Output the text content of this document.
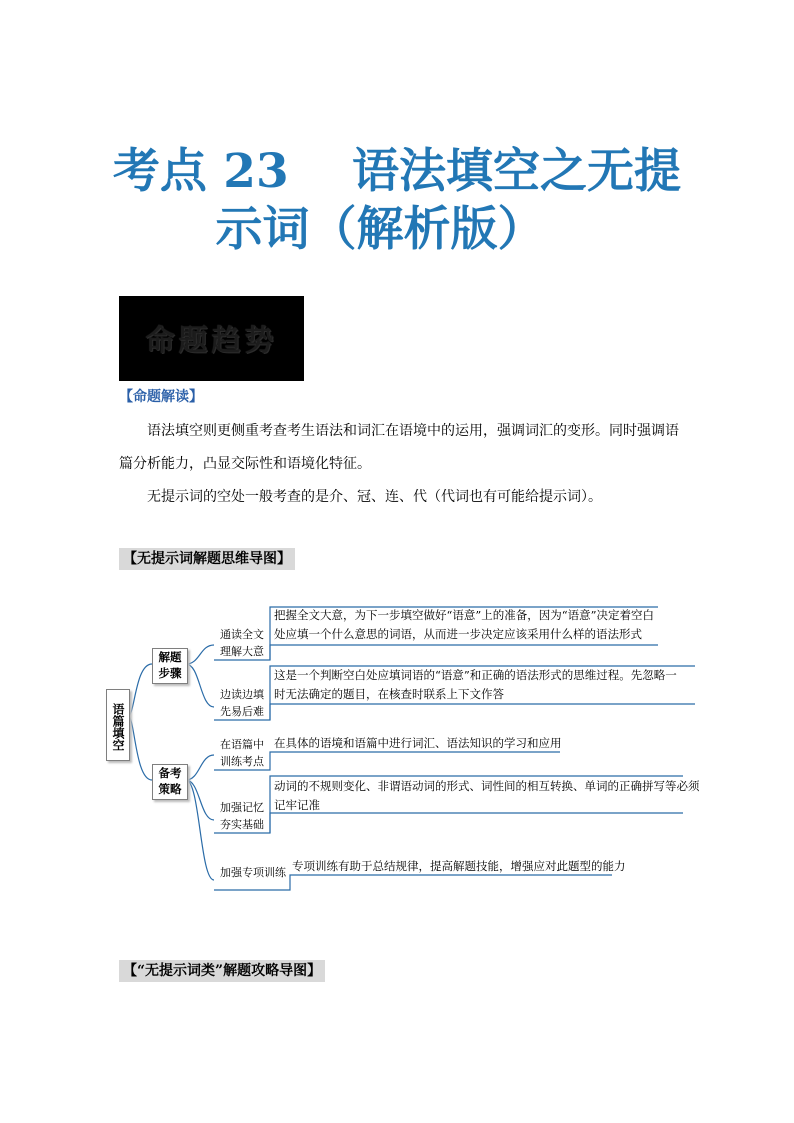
考点 23　 语法填空之无提
示词（解析版）
命题趋势
【命题解读】
语法填空则更侧重考查考生语法和词汇在语境中的运用，强调词汇的变形。同时强调语
篇分析能力，凸显交际性和语境化特征。
无提示词的空处一般考查的是介、冠、连、代（代词也有可能给提示词）。
【无提示词解题思维导图】
语篇填空
解题步骤
备考策略
通读全文理解大意
边读边填先易后难
在语篇中训练考点
加强记忆夯实基础
加强专项训练
把握全文大意，为下一步填空做好“语意”上的准备，因为“语意”决定着空白
处应填一个什么意思的词语，从而进一步决定应该采用什么样的语法形式
这是一个判断空白处应填词语的“语意”和正确的语法形式的思维过程。先忽略一
时无法确定的题目，在核查时联系上下文作答
在具体的语境和语篇中进行词汇、语法知识的学习和应用
动词的不规则变化、非谓语动词的形式、词性间的相互转换、单词的正确拼写等必须
记牢记准
专项训练有助于总结规律，提高解题技能，增强应对此题型的能力
【“无提示词类”解题攻略导图】
